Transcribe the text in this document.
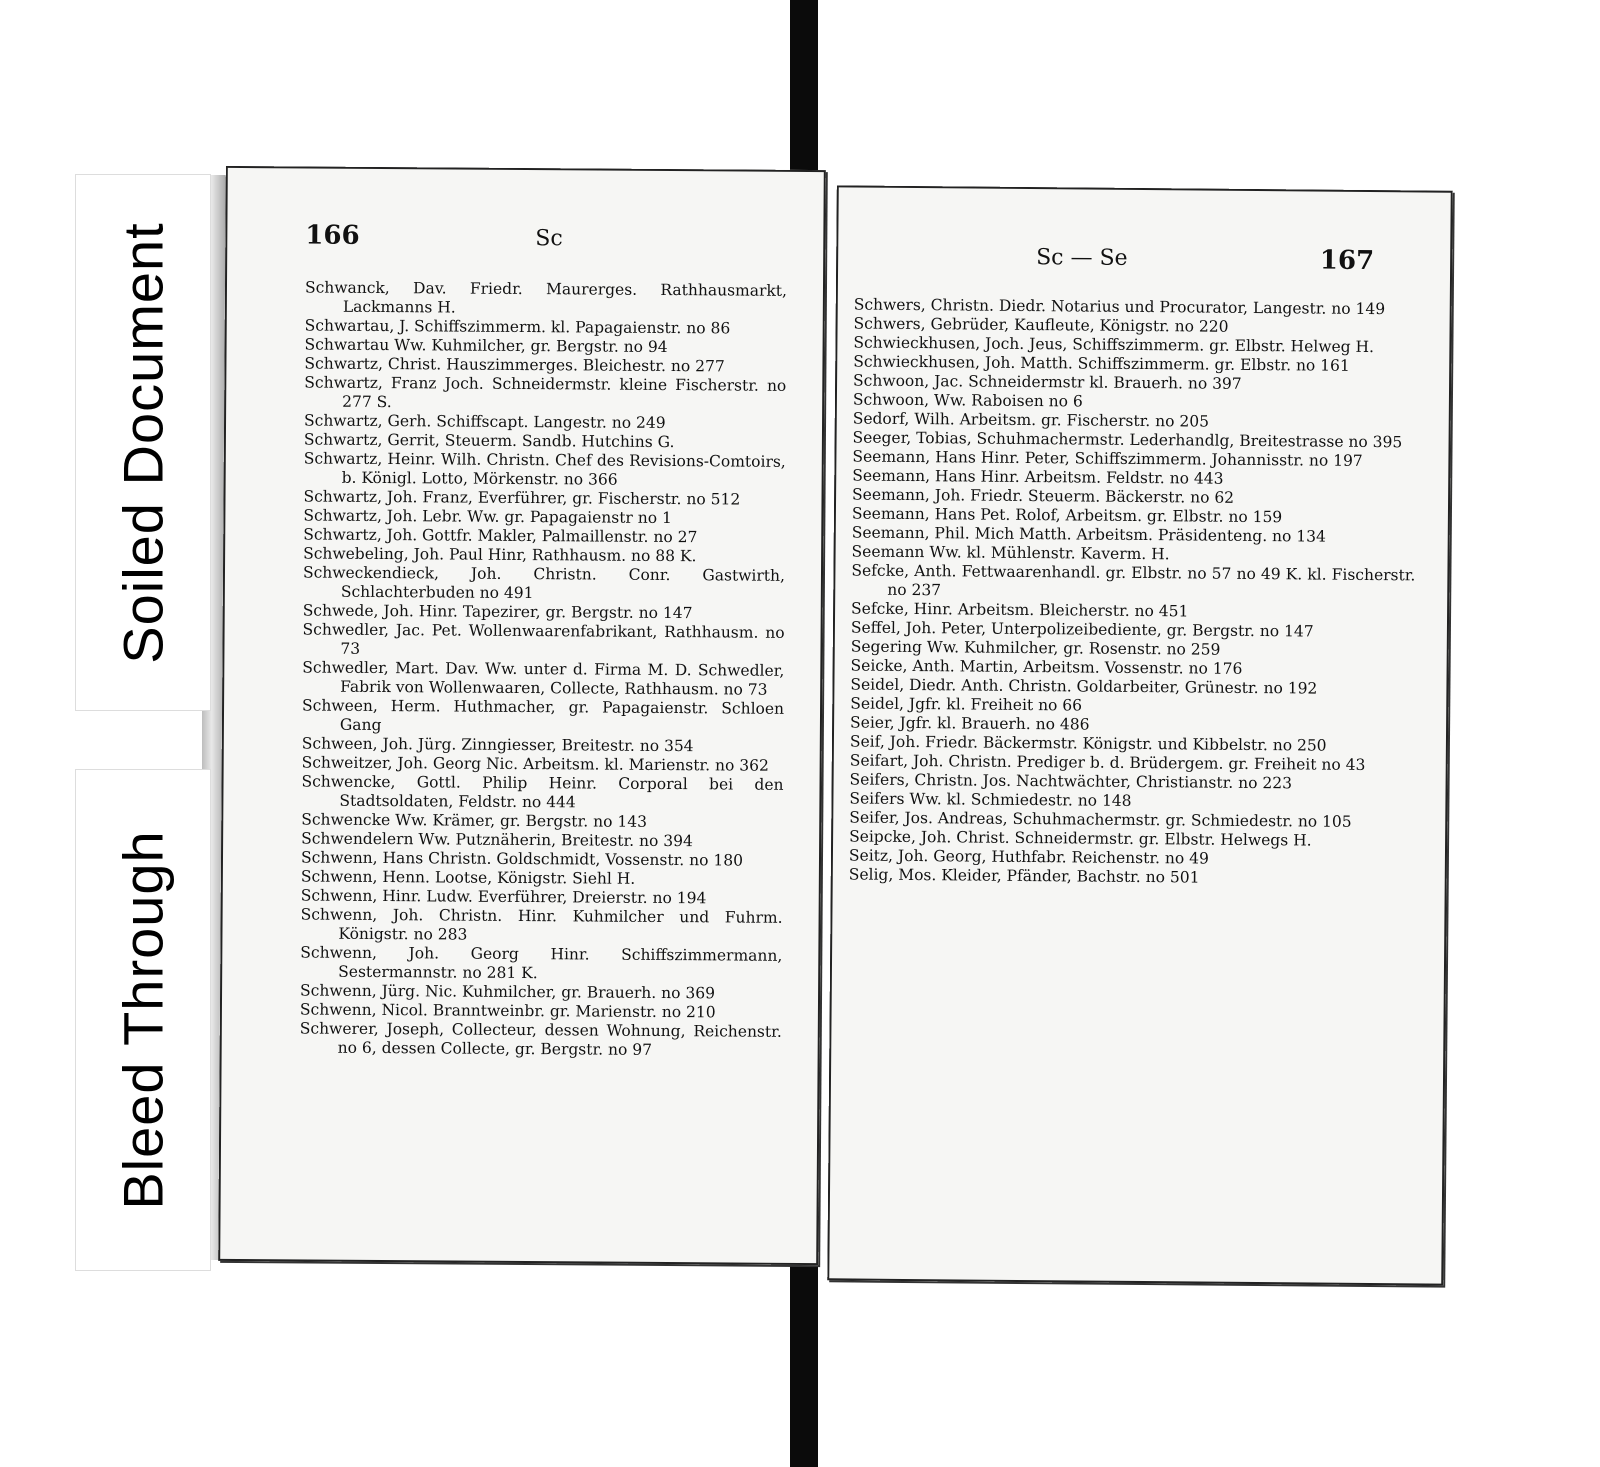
Soiled Document
Bleed Through
166	Sc
Schwanck, Dav. Friedr. Maurerges. Rathhausmarkt, Lackmanns H.
Schwartau, J. Schiffszimmerm. kl. Papagaienstr. no 86
Schwartau Ww. Kuhmilcher, gr. Bergstr. no 94
Schwartz, Christ. Hauszimmerges. Bleichestr. no 277
Schwartz, Franz Joch. Schneidermstr. kleine Fischerstr. no 277 S.
Schwartz, Gerh. Schiffscapt. Langestr. no 249
Schwartz, Gerrit, Steuerm. Sandb. Hutchins G.
Schwartz, Heinr. Wilh. Christn. Chef des Revisions-Comtoirs, b. Königl. Lotto, Mörkenstr. no 366
Schwartz, Joh. Franz, Everführer, gr. Fischerstr. no 512
Schwartz, Joh. Lebr. Ww. gr. Papagaienstr no 1
Schwartz, Joh. Gottfr. Makler, Palmaillenstr. no 27
Schwebeling, Joh. Paul Hinr, Rathhausm. no 88 K.
Schweckendieck, Joh. Christn. Conr. Gastwirth, Schlachterbuden no 491
Schwede, Joh. Hinr. Tapezirer, gr. Bergstr. no 147
Schwedler, Jac. Pet. Wollenwaarenfabrikant, Rathhausm. no 73
Schwedler, Mart. Dav. Ww. unter d. Firma M. D. Schwedler, Fabrik von Wollenwaaren, Collecte, Rathhausm. no 73
Schween, Herm. Huthmacher, gr. Papagaienstr. Schloen Gang
Schween, Joh. Jürg. Zinngiesser, Breitestr. no 354
Schweitzer, Joh. Georg Nic. Arbeitsm. kl. Marienstr. no 362
Schwencke, Gottl. Philip Heinr. Corporal bei den Stadtsoldaten, Feldstr. no 444
Schwencke Ww. Krämer, gr. Bergstr. no 143
Schwendelern Ww. Putznäherin, Breitestr. no 394
Schwenn, Hans Christn. Goldschmidt, Vossenstr. no 180
Schwenn, Henn. Lootse, Königstr. Siehl H.
Schwenn, Hinr. Ludw. Everführer, Dreierstr. no 194
Schwenn, Joh. Christn. Hinr. Kuhmilcher und Fuhrm. Königstr. no 283
Schwenn, Joh. Georg Hinr. Schiffszimmermann, Sestermannstr. no 281 K.
Schwenn, Jürg. Nic. Kuhmilcher, gr. Brauerh. no 369
Schwenn, Nicol. Branntweinbr. gr. Marienstr. no 210
Schwerer, Joseph, Collecteur, dessen Wohnung, Reichenstr. no 6, dessen Collecte, gr. Bergstr. no 97
Sc — Se	167
Schwers, Christn. Diedr. Notarius und Procurator, Langestr. no 149
Schwers, Gebrüder, Kaufleute, Königstr. no 220
Schwieckhusen, Joch. Jeus, Schiffszimmerm. gr. Elbstr. Helweg H.
Schwieckhusen, Joh. Matth. Schiffszimmerm. gr. Elbstr. no 161
Schwoon, Jac. Schneidermstr kl. Brauerh. no 397
Schwoon, Ww. Raboisen no 6
Sedorf, Wilh. Arbeitsm. gr. Fischerstr. no 205
Seeger, Tobias, Schuhmachermstr. Lederhandlg, Breitestrasse no 395
Seemann, Hans Hinr. Peter, Schiffszimmerm. Johannisstr. no 197
Seemann, Hans Hinr. Arbeitsm. Feldstr. no 443
Seemann, Joh. Friedr. Steuerm. Bäckerstr. no 62
Seemann, Hans Pet. Rolof, Arbeitsm. gr. Elbstr. no 159
Seemann, Phil. Mich Matth. Arbeitsm. Präsidenteng. no 134
Seemann Ww. kl. Mühlenstr. Kaverm. H.
Sefcke, Anth. Fettwaarenhandl. gr. Elbstr. no 57 no 49 K. kl. Fischerstr. no 237
Sefcke, Hinr. Arbeitsm. Bleicherstr. no 451
Seffel, Joh. Peter, Unterpolizeibediente, gr. Bergstr. no 147
Segering Ww. Kuhmilcher, gr. Rosenstr. no 259
Seicke, Anth. Martin, Arbeitsm. Vossenstr. no 176
Seidel, Diedr. Anth. Christn. Goldarbeiter, Grünestr. no 192
Seidel, Jgfr. kl. Freiheit no 66
Seier, Jgfr. kl. Brauerh. no 486
Seif, Joh. Friedr. Bäckermstr. Königstr. und Kibbelstr. no 250
Seifart, Joh. Christn. Prediger b. d. Brüdergem. gr. Freiheit no 43
Seifers, Christn. Jos. Nachtwächter, Christianstr. no 223
Seifers Ww. kl. Schmiedestr. no 148
Seifer, Jos. Andreas, Schuhmachermstr. gr. Schmiedestr. no 105
Seipcke, Joh. Christ. Schneidermstr. gr. Elbstr. Helwegs H.
Seitz, Joh. Georg, Huthfabr. Reichenstr. no 49
Selig, Mos. Kleider, Pfänder, Bachstr. no 501
